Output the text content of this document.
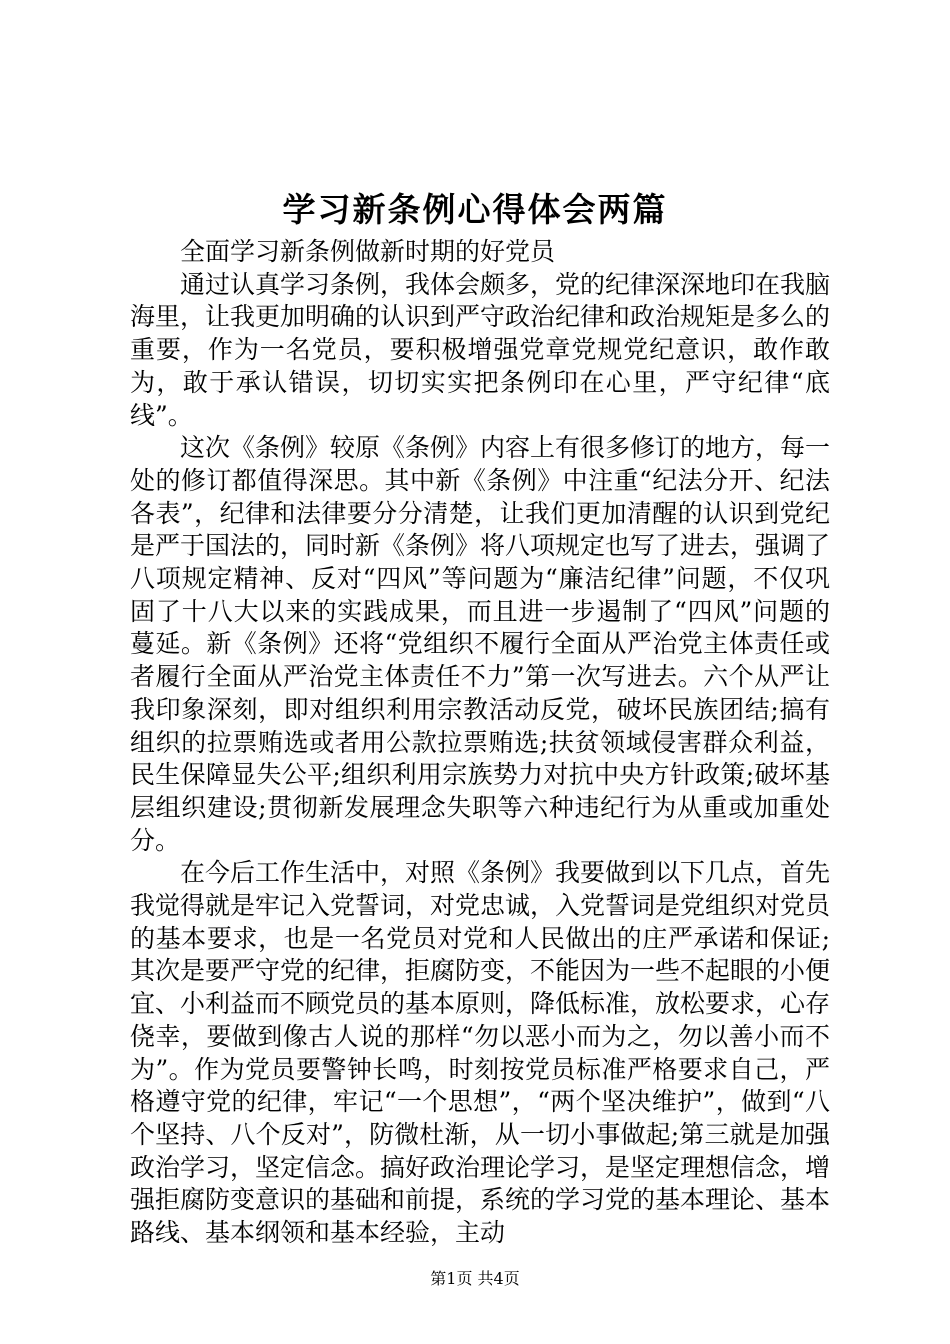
学习新条例心得体会两篇

全面学习新条例做新时期的好党员

通过认真学习条例，我体会颇多，党的纪律深深地印在我脑海里，让我更加明确的认识到严守政治纪律和政治规矩是多么的重要，作为一名党员，要积极增强党章党规党纪意识，敢作敢为，敢于承认错误，切切实实把条例印在心里，严守纪律“底线”。

这次《条例》较原《条例》内容上有很多修订的地方，每一处的修订都值得深思。其中新《条例》中注重“纪法分开、纪法各表”，纪律和法律要分分清楚，让我们更加清醒的认识到党纪是严于国法的，同时新《条例》将八项规定也写了进去，强调了八项规定精神、反对“四风”等问题为“廉洁纪律”问题，不仅巩固了十八大以来的实践成果，而且进一步遏制了“四风”问题的蔓延。新《条例》还将“党组织不履行全面从严治党主体责任或者履行全面从严治党主体责任不力”第一次写进去。六个从严让我印象深刻，即对组织利用宗教活动反党，破坏民族团结;搞有组织的拉票贿选或者用公款拉票贿选;扶贫领域侵害群众利益，民生保障显失公平;组织利用宗族势力对抗中央方针政策;破坏基层组织建设;贯彻新发展理念失职等六种违纪行为从重或加重处分。

在今后工作生活中，对照《条例》我要做到以下几点，首先我觉得就是牢记入党誓词，对党忠诚，入党誓词是党组织对党员的基本要求，也是一名党员对党和人民做出的庄严承诺和保证;其次是要严守党的纪律，拒腐防变，不能因为一些不起眼的小便宜、小利益而不顾党员的基本原则，降低标准，放松要求，心存侥幸，要做到像古人说的那样“勿以恶小而为之，勿以善小而不为”。作为党员要警钟长鸣，时刻按党员标准严格要求自己，严格遵守党的纪律，牢记“一个思想”，“两个坚决维护”，做到“八个坚持、八个反对”，防微杜渐，从一切小事做起;第三就是加强政治学习，坚定信念。搞好政治理论学习，是坚定理想信念，增强拒腐防变意识的基础和前提，系统的学习党的基本理论、基本路线、基本纲领和基本经验，主动

第1页 共4页
